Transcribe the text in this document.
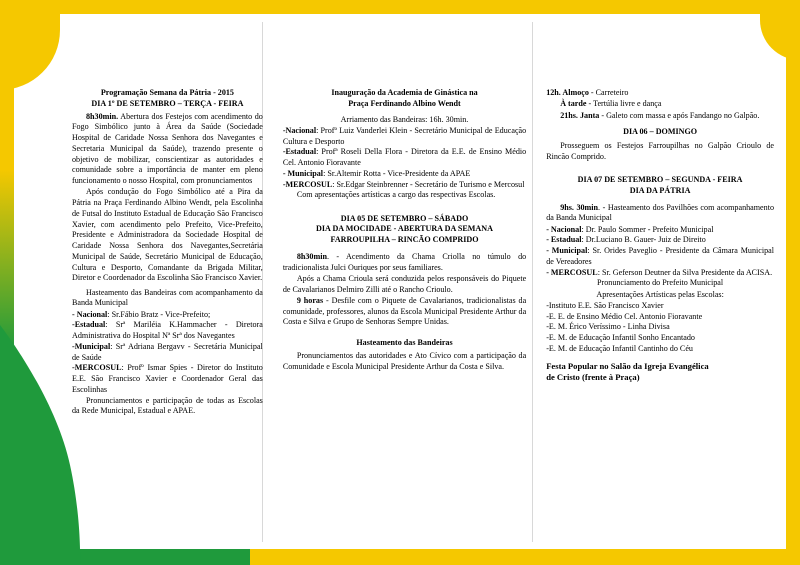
Programação Semana da Pátria - 2015
DIA 1º DE SETEMBRO – TERÇA - FEIRA

8h30min. Abertura dos Festejos com acendimento do Fogo Simbólico junto à Área da Saúde (Sociedade Hospital de Caridade Nossa Senhora dos Navegantes e Secretaria Municipal da Saúde), trazendo presente o objetivo de mobilizar, conscientizar as autoridades e comunidade sobre a importância de manter em pleno funcionamento o nosso Hospital, com pronunciamentos

Após condução do Fogo Simbólico até a Pira da Pátria na Praça Ferdinando Albino Wendt, pela Escolinha de Futsal do Instituto Estadual de Educação São Francisco Xavier, com acendimento pelo Prefeito, Vice-Prefeito, Presidente e Administradora da Sociedade Hospital de Caridade Nossa Senhora dos Navegantes,Secretária Municipal de Saúde, Secretário Municipal de Educação, Cultura e Desporto, Comandante da Brigada Militar, Diretor e Coordenador da Escolinha São Francisco Xavier.

Hasteamento das Bandeiras com acompanhamento da Banda Municipal

- Nacional: Sr.Fábio Bratz - Vice-Prefeito;

-Estadual: Srª Mariléia K.Hammacher - Diretora Administrativa do Hospital Nª Srª dos Navegantes

-Municipal: Srª Adriana Bergavv - Secretária Municipal de Saúde

-MERCOSUL: Profº Ismar Spies - Diretor do Instituto E.E. São Francisco Xavier e Coordenador Geral das Escolinhas

Pronunciamentos e participação de todas as Escolas da Rede Municipal, Estadual e APAE.

Inauguração da Academia de Ginástica na
Praça Ferdinando Albino Wendt

Arriamento das Bandeiras: 16h. 30min.

-Nacional: Profº Luiz Vanderlei Klein - Secretário Municipal de Educação Cultura e Desporto

-Estadual: Profª Roseli Della Flora - Diretora da E.E. de Ensino Médio Cel. Antonio Fioravante

- Municipal: Sr.Altemir Rotta - Vice-Presidente da APAE

-MERCOSUL: Sr.Edgar Steinbrenner - Secretário de Turismo e Mercosul

Com apresentações artísticas a cargo das respectivas Escolas.

DIA 05 DE SETEMBRO – SÁBADO
DIA DA MOCIDADE - ABERTURA DA SEMANA
FARROUPILHA – RINCÃO COMPRIDO

8h30min. - Acendimento da Chama Criolla no túmulo do tradicionalista Julci Ouriques por seus familiares.

Após a Chama Crioula será conduzida pelos responsáveis do Piquete de Cavalarianos Delmiro Zilli até o Rancho Crioulo.

9 horas - Desfile com o Piquete de Cavalarianos, tradicionalistas da comunidade, professores, alunos da Escola Municipal Presidente Arthur da Costa e Silva e Grupo de Senhoras Sempre Unidas.

Hasteamento das Bandeiras

Pronunciamentos das autoridades e Ato Cívico com a participação da Comunidade e Escola Municipal Presidente Arthur da Costa e Silva.

12h. Almoço - Carreteiro

À tarde - Tertúlia livre e dança

21hs. Janta - Galeto com massa e após Fandango no Galpão.

DIA 06 – DOMINGO

Prosseguem os Festejos Farroupilhas no Galpão Crioulo de Rincão Comprido.

DIA 07 DE SETEMBRO – SEGUNDA - FEIRA
DIA DA PÁTRIA

9hs. 30min. - Hasteamento dos Pavilhões com acompanhamento da Banda Municipal

- Nacional: Dr. Paulo Sommer - Prefeito Municipal

- Estadual: Dr.Luciano B. Gauer- Juiz de Direito

- Municipal: Sr. Orides Paveglio - Presidente da Câmara Municipal de Vereadores

- MERCOSUL: Sr. Geferson Deutner da Silva Presidente da ACISA.

Pronunciamento do Prefeito Municipal

Apresentações Artísticas pelas Escolas:

-Instituto E.E. São Francisco Xavier

-E. E. de Ensino Médio Cel. Antonio Fioravante

-E. M. Érico Veríssimo - Linha Divisa

-E. M. de Educação Infantil Sonho Encantado

-E. M. de Educação Infantil Cantinho do Céu

Festa Popular no Salão da Igreja Evangélica
de Cristo (frente à Praça)
